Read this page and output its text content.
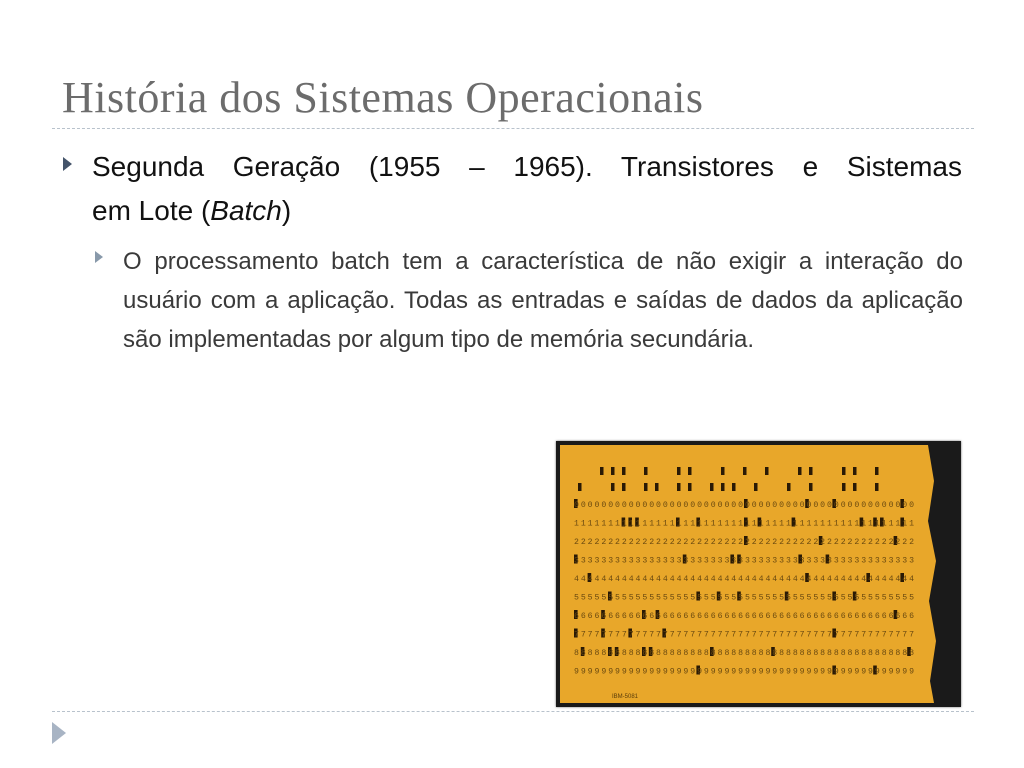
História dos Sistemas Operacionais
Segunda Geração (1955 – 1965). Transistores e Sistemas
em Lote (Batch)
O processamento batch tem a característica de não exigir a interação do usuário com a aplicação. Todas as entradas e saídas de dados da aplicação são implementadas por algum tipo de memória secundária.
00000000000000000000000000000000000000000000000000
11111111111111111111111111111111111111111111111111
22222222222222222222222222222222222222222222222222
33333333333333333333333333333333333333333333333333
44444444444444444444444444444444444444444444444444
55555555555555555555555555555555555555555555555555
66666666666666666666666666666666666666666666666666
77777777777777777777777777777777777777777777777777
88888888888888888888888888888888888888888888888888
99999999999999999999999999999999999999999999999999
IBM-5081
